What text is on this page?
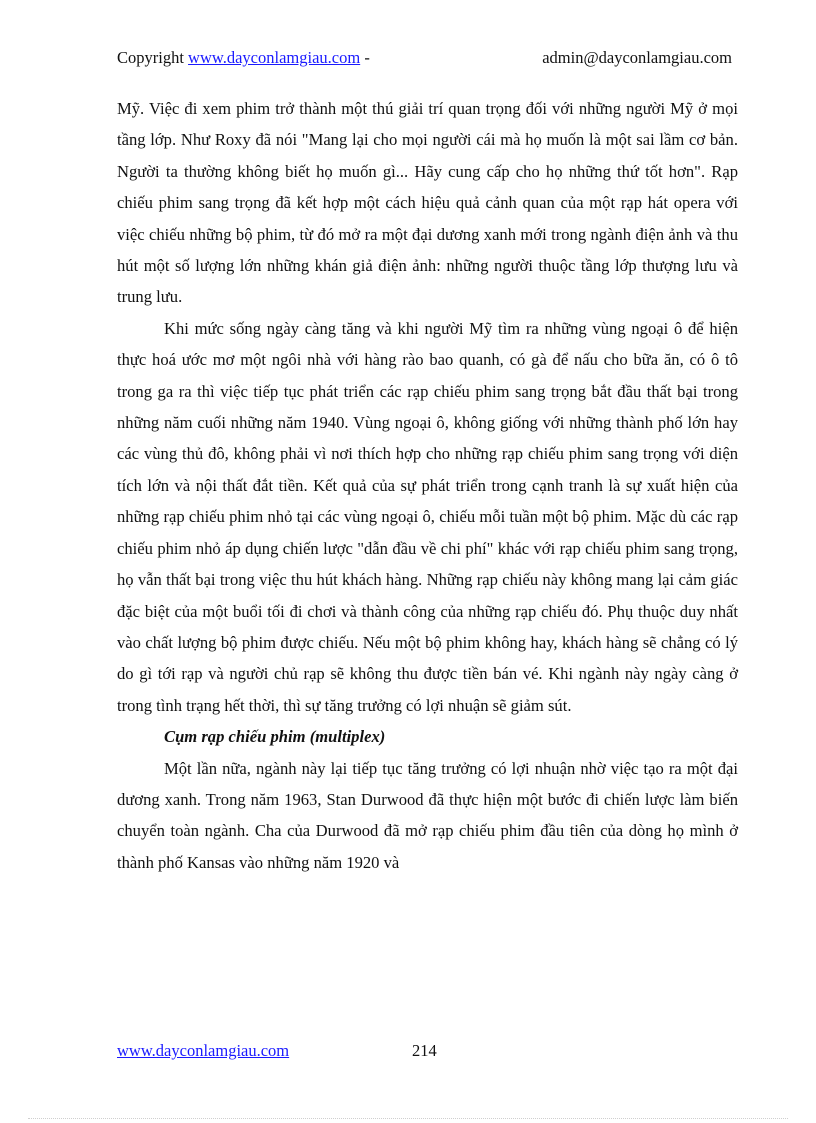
Copyright www.dayconlamgiau.com -	admin@dayconlamgiau.com

Mỹ. Việc đi xem phim trở thành một thú giải trí quan trọng đối với những người Mỹ ở mọi tầng lớp. Như Roxy đã nói "Mang lại cho mọi người cái mà họ muốn là một sai lầm cơ bản. Người ta thường không biết họ muốn gì... Hãy cung cấp cho họ những thứ tốt hơn". Rạp chiếu phim sang trọng đã kết hợp một cách hiệu quả cảnh quan của một rạp hát opera với việc chiếu những bộ phim, từ đó mở ra một đại dương xanh mới trong ngành điện ảnh và thu hút một số lượng lớn những khán giả điện ảnh: những người thuộc tầng lớp thượng lưu và trung lưu.

Khi mức sống ngày càng tăng và khi người Mỹ tìm ra những vùng ngoại ô để hiện thực hoá ước mơ một ngôi nhà với hàng rào bao quanh, có gà để nấu cho bữa ăn, có ô tô trong ga ra thì việc tiếp tục phát triển các rạp chiếu phim sang trọng bắt đầu thất bại trong những năm cuối những năm 1940. Vùng ngoại ô, không giống với những thành phố lớn hay các vùng thủ đô, không phải vì nơi thích hợp cho những rạp chiếu phim sang trọng với diện tích lớn và nội thất đắt tiền. Kết quả của sự phát triển trong cạnh tranh là sự xuất hiện của những rạp chiếu phim nhỏ tại các vùng ngoại ô, chiếu mỗi tuần một bộ phim. Mặc dù các rạp chiếu phim nhỏ áp dụng chiến lược "dẫn đầu về chi phí" khác với rạp chiếu phim sang trọng, họ vẫn thất bại trong việc thu hút khách hàng. Những rạp chiếu này không mang lại cảm giác đặc biệt của một buổi tối đi chơi và thành công của những rạp chiếu đó. Phụ thuộc duy nhất vào chất lượng bộ phim được chiếu. Nếu một bộ phim không hay, khách hàng sẽ chẳng có lý do gì tới rạp và người chủ rạp sẽ không thu được tiền bán vé. Khi ngành này ngày càng ở trong tình trạng hết thời, thì sự tăng trưởng có lợi nhuận sẽ giảm sút.

Cụm rạp chiếu phim (multiplex)

Một lần nữa, ngành này lại tiếp tục tăng trưởng có lợi nhuận nhờ việc tạo ra một đại dương xanh. Trong năm 1963, Stan Durwood đã thực hiện một bước đi chiến lược làm biến chuyển toàn ngành. Cha của Durwood đã mở rạp chiếu phim đầu tiên của dòng họ mình ở thành phố Kansas vào những năm 1920 và

www.dayconlamgiau.com	214
